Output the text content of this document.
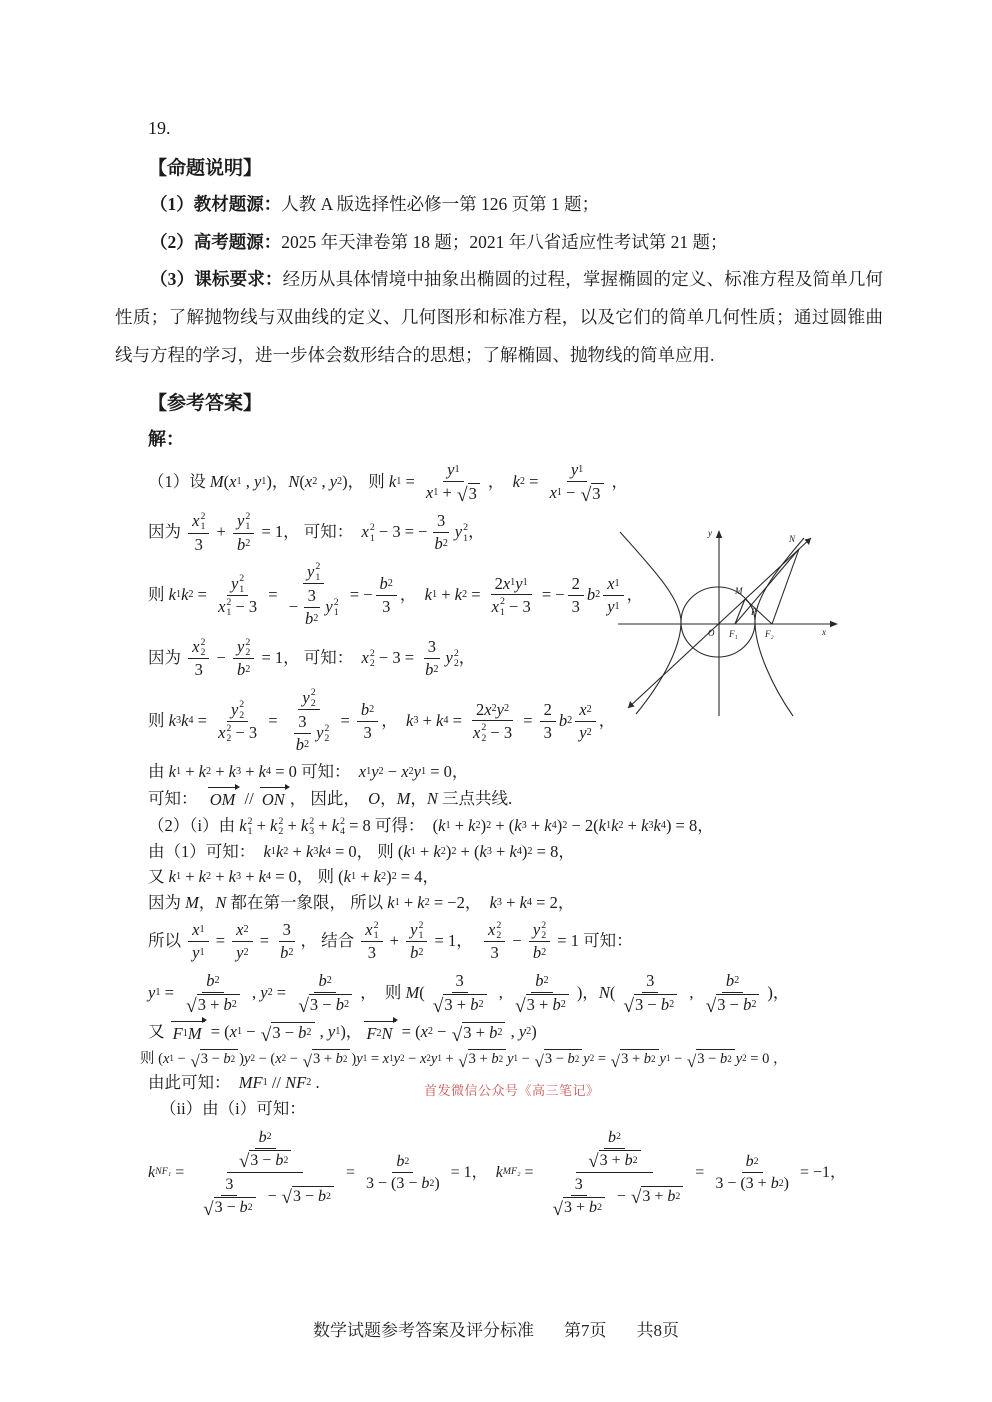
19.
【命题说明】

（1）教材题源：人教 A 版选择性必修一第 126 页第 1 题；

（2）高考题源：2025 年天津卷第 18 题；2021 年八省适应性考试第 21 题；

（3）课标要求：经历从具体情境中抽象出椭圆的过程，掌握椭圆的定义、标准方程及简单几何性质；了解抛物线与双曲线的定义、几何图形和标准方程，以及它们的简单几何性质；通过圆锥曲线与方程的学习，进一步体会数形结合的思想；了解椭圆、抛物线的简单应用.

【参考答案】
解：
（1）设 M ( x 1 , y 1 )， N ( x 2 , y 2 )， 则 k $1 = \frac{y 1}{x 1 + √ 3}$ ， k $2 = \frac{y 1}{x 1 - √ 3}$ ，
因为
x 2
1
3
+ y 2
1
b 2 = 1， 可知： x 2
1 − 3 = − $\frac{3}{b 2}$ y 2
1 ，
则 k 1 k 2 = y 2
1
x 2
1 − 3 = y 2
1
− $\frac{3}{b 2}$ y 2
1 = − $\frac{b 2}{3}$ ， k 1 + k 2 = 2 x 1 y 1
x 2
1 − 3 = − $\frac{2}{3}$ b 2
x 1
y 1
，
因为
x 2
2
3
− y 2
2
b 2 = 1， 可知： x 2
$2 - 3 = \frac{3}{b 2}$ y 2
2 ，
则 k 3 k 4 = y 2
2
x 2
2 − 3 = y 2
2
3
b 2
y 2
$2 = \frac{b 2}{3}$ ， k 3 + k 4 = 2 x 2 y 2
x 2
$2 - 3 = \frac{2}{3}$ b 2
x 2
y 2
，
由 k 1 + k 2 + k 3 + k 4 = 0 可知： x 1 y 2 − x 2 y 1 = 0，
可知： OM // ON ， 因此， O ， M ， N 三点共线.
（2）（i）由 k 2
1 + k 2
2 + k 2
3 + k 2
4 = 8 可得：  ( k 1 + k 2 ) 2 + ( k 3 + k 4 ) 2 − 2( k 1 k 2 + k 3 k 4 ) = 8，
由（1）可知： k 1 k 2 + k 3 k 4 = 0， 则 ( k 1 + k 2 ) 2 + ( k 3 + k 4 ) 2 = 8，
又 k 1 + k 2 + k 3 + k 4 = 0， 则 ( k 1 + k 2 ) 2 = 4，
因为 M ， N 都在第一象限， 所以 k 1 + k 2 = −2， k 3 + k 4 = 2，
所以 $\frac{x 1}{y 1} = \frac{x 2}{y 2} = \frac{3}{b 2}$ ， 结合
x 2
1
3
+ y 2
1
b 2 = 1，
x 2
2
3
− y 2
2
b 2 = 1 可知：
y $1 = \frac{b 2}{√ 3 + b 2}$ , y $2 = \frac{b 2}{√ 3 - b 2}$ ，  则 M (
3
√ 3 + b 2
,
b 2
√ 3 + b 2
)， N (
3
√ 3 − b 2
,
b 2
√ 3 − b 2
)，
又 F 1 M = ( x 1 − √ 3 − b 2 , y 1 )， F 2 N = ( x 2 − √ 3 + b 2 , y 2 )
则 ( x 1 − √ 3 − b 2 ) y 2 − ( x 2 − √ 3 + b 2 ) y 1 = x 1 y 2 − x 2 y 1 + √ 3 + b 2 y 1 − √ 3 − b 2 y 2 = √ 3 + b 2 y 1 − √ 3 − b 2 y 2 = 0 ，
由此可知： MF 1 // NF 2 .
（ii）由（i）可知：
k NF₁ = b 2
√ 3 − b 2
3
√ 3 − b 2
− √ 3 − b $2 = \frac{b 2}{3 - (3 - b 2 )} = 1$， k MF₂ = b 2
√ 3 + b 2
3
√ 3 + b 2
− √ 3 + b $2 = \frac{b 2}{3 - (3 + b 2 )} = -1$，
x
y
O F₁	F₂
M
N
P
首发微信公众号《高三笔记》
数学试题参考答案及评分标准 第7页 共8页
